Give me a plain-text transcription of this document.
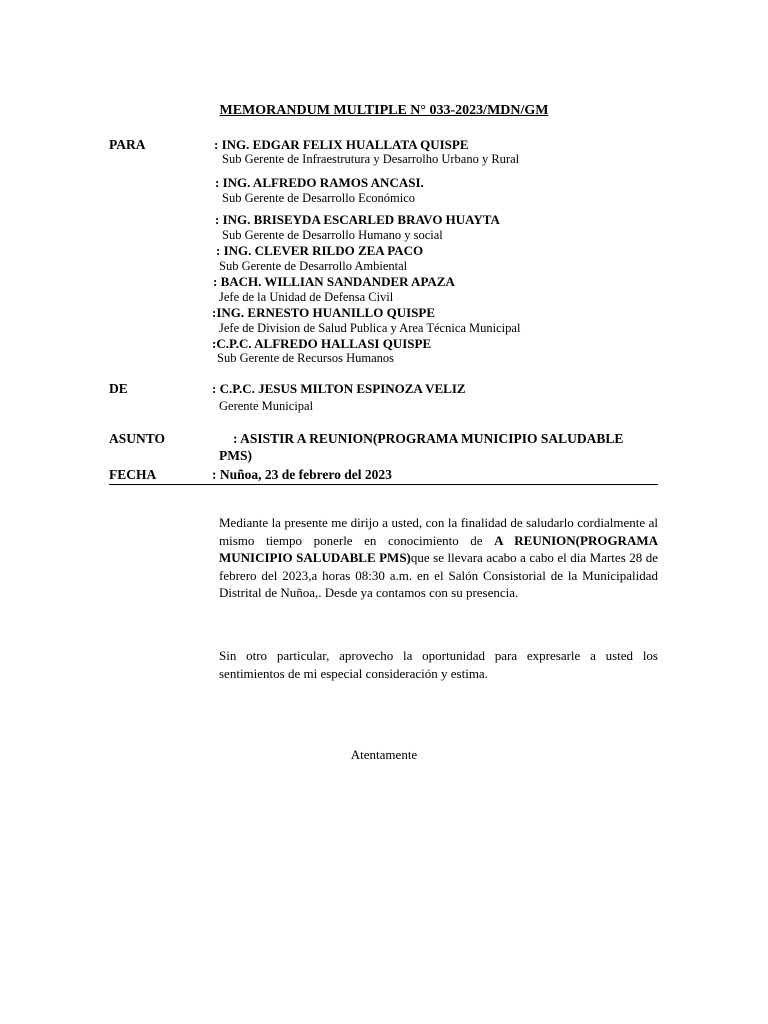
MEMORANDUM MULTIPLE N° 033-2023/MDN/GM
PARA	: ING. EDGAR FELIX HUALLATA QUISPE
Sub Gerente de Infraestrutura y Desarrolho Urbano y Rural
: ING. ALFREDO RAMOS ANCASI.
Sub Gerente de Desarrollo Económico
: ING. BRISEYDA ESCARLED BRAVO HUAYTA
Sub Gerente de Desarrollo Humano y social
: ING. CLEVER RILDO ZEA PACO
Sub Gerente de Desarrollo Ambiental
: BACH. WILLIAN SANDANDER APAZA
Jefe de la Unidad de Defensa Civil
:ING. ERNESTO HUANILLO QUISPE
Jefe de Division de Salud Publica y Area Técnica Municipal
:C.P.C. ALFREDO HALLASI QUISPE
Sub Gerente de Recursos Humanos
DE	: C.P.C. JESUS MILTON ESPINOZA VELIZ
Gerente Municipal
ASUNTO	: ASISTIR A REUNION(PROGRAMA MUNICIPIO SALUDABLE
PMS)
FECHA	: Nuñoa, 23 de febrero del 2023
Mediante la presente me dirijo a usted, con la finalidad de saludarlo cordialmente al mismo tiempo ponerle en conocimiento de A REUNION(PROGRAMA MUNICIPIO SALUDABLE PMS)que se llevara acabo a cabo el dia Martes 28 de febrero del 2023,a horas 08:30 a.m. en el Salón Consistorial de la Municipalidad Distrital de Nuñoa,. Desde ya contamos con su presencia.
Sin otro particular, aprovecho la oportunidad para expresarle a usted los sentimientos de mi especial consideración y estima.
Atentamente
